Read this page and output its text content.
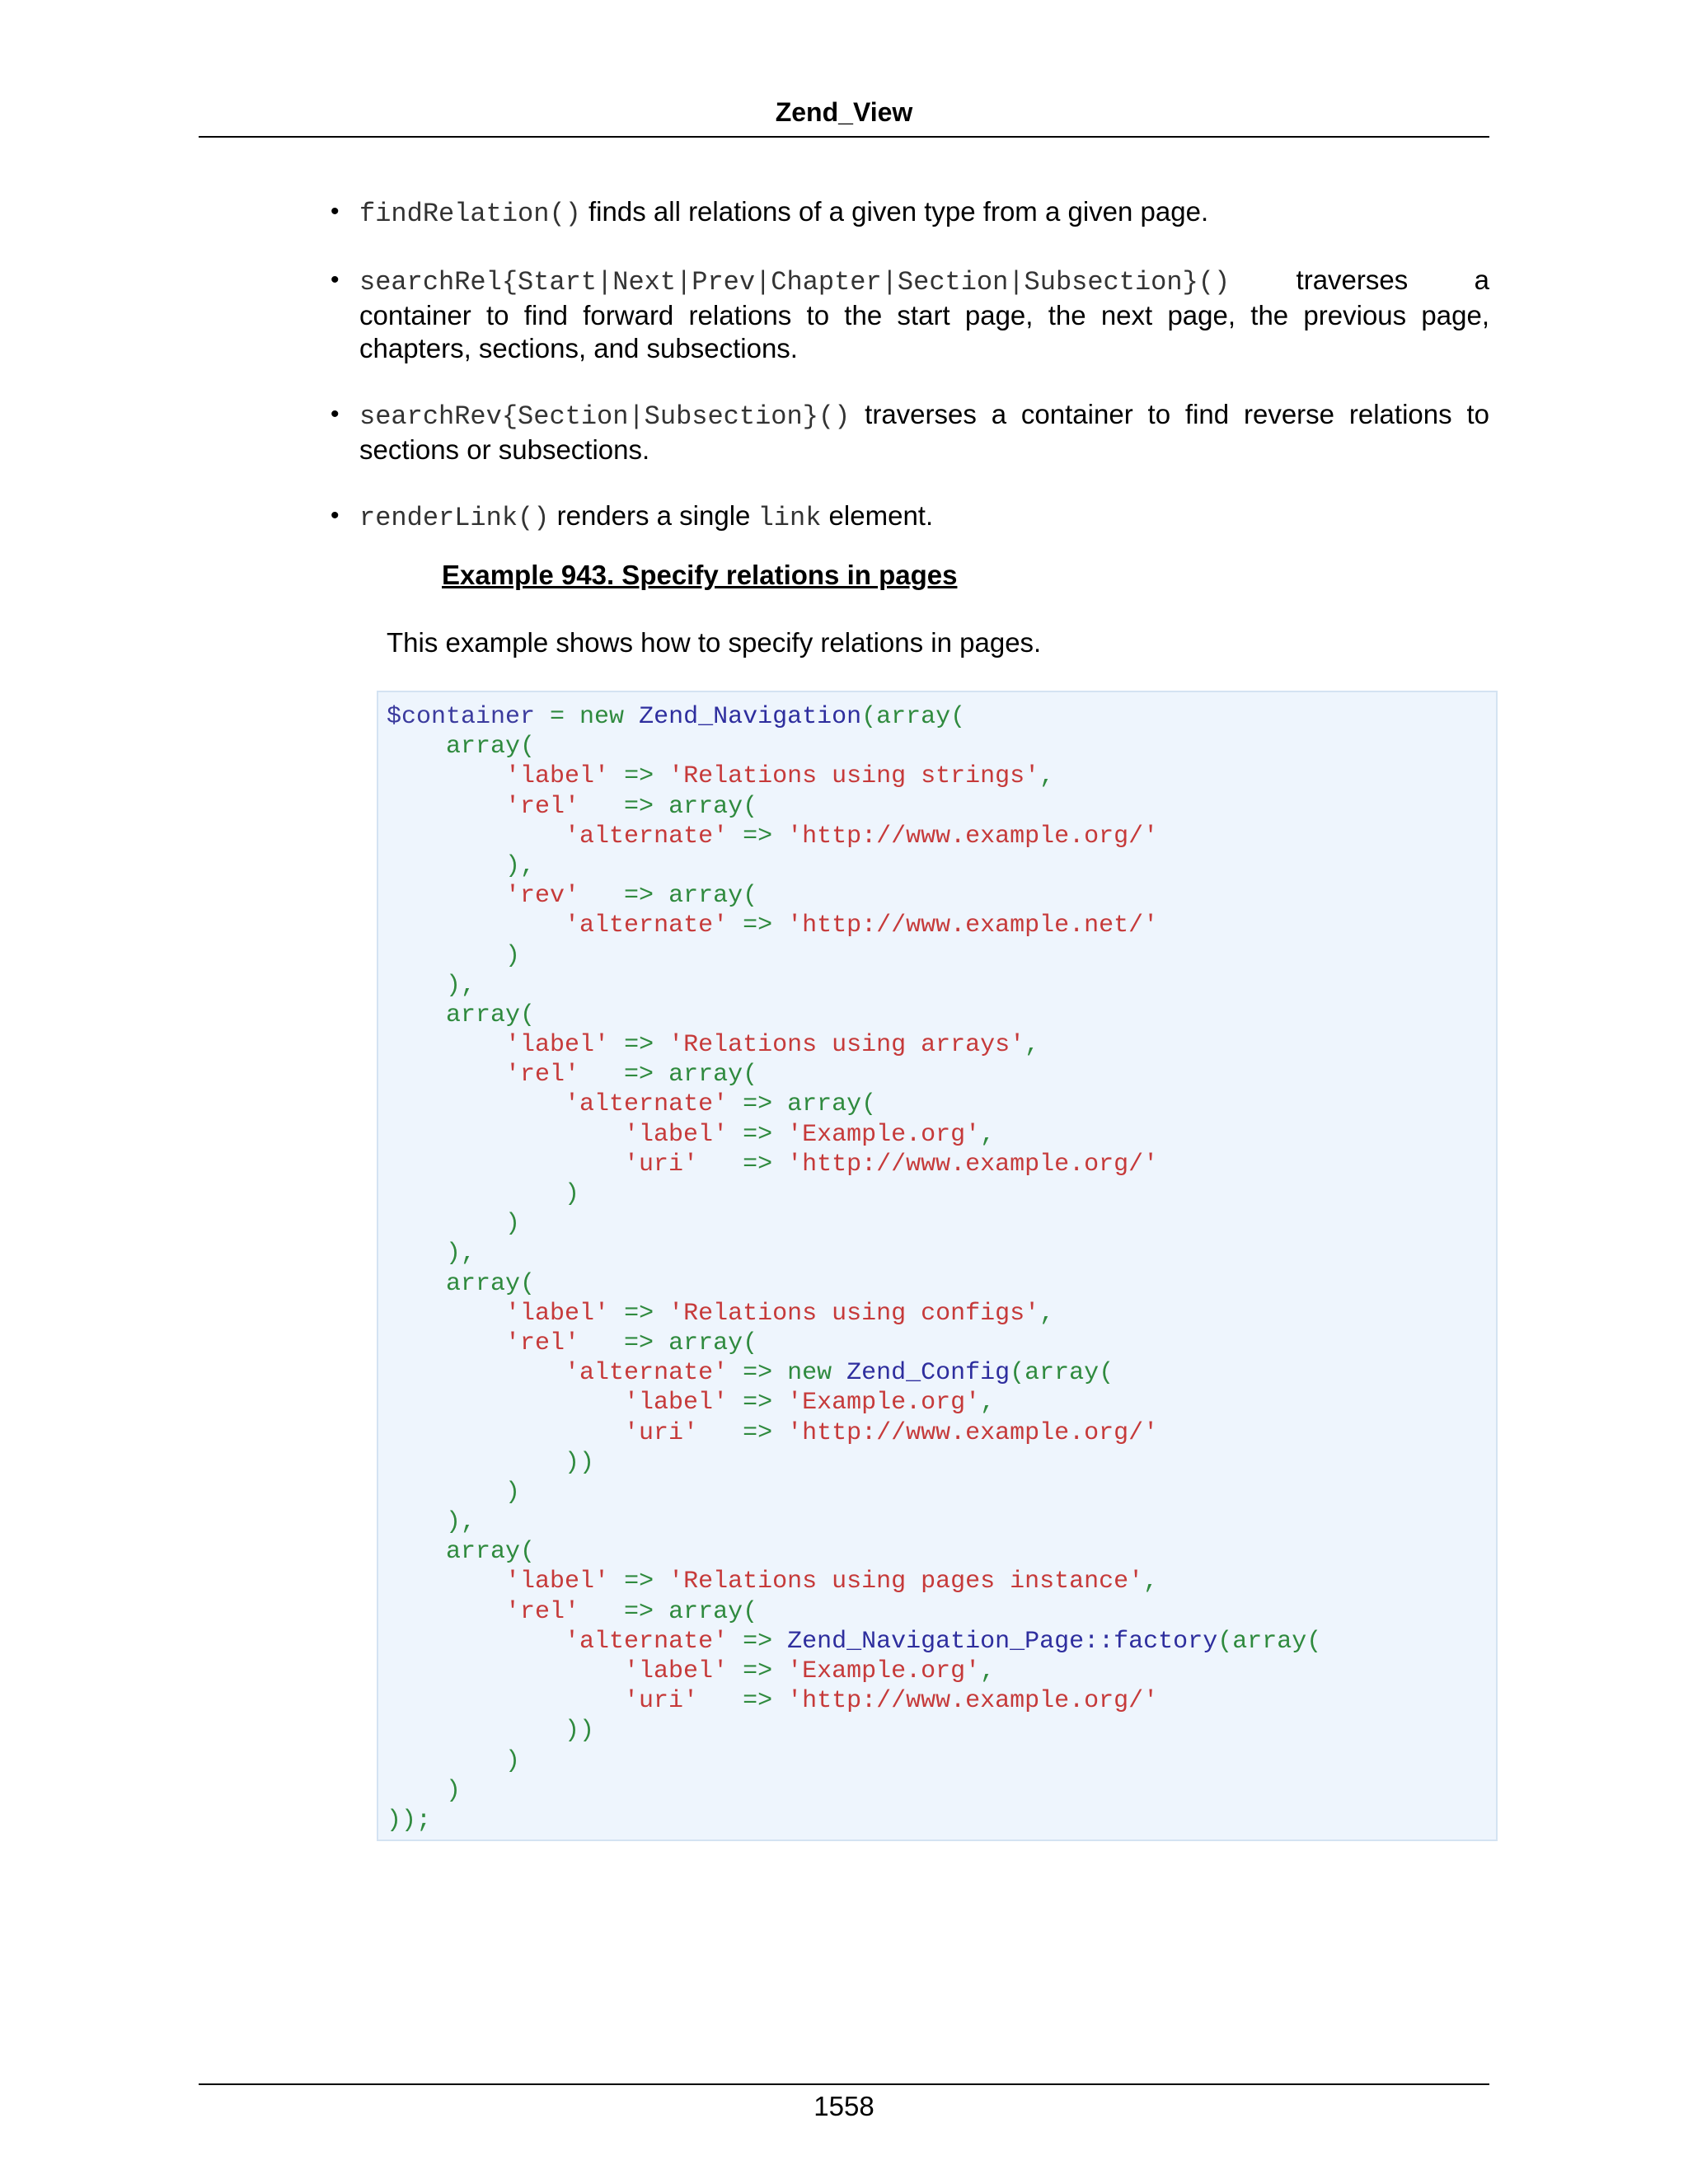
Zend_View
• findRelation() finds all relations of a given type from a given page.
• searchRel{Start|Next|Prev|Chapter|Section|Subsection}() traverses a
container to find forward relations to the start page, the next page, the previous page, chapters, sections, and subsections.
• searchRev{Section|Subsection}() traverses a container to find reverse relations to sections or subsections.
• renderLink() renders a single link element.
Example 943. Specify relations in pages
This example shows how to specify relations in pages.
$container = new Zend_Navigation(array(
array(
'label' => 'Relations using strings',
'rel'   => array(
'alternate' => 'http://www.example.org/'
),
'rev'   => array(
'alternate' => 'http://www.example.net/'
)
),
array(
'label' => 'Relations using arrays',
'rel'   => array(
'alternate' => array(
'label' => 'Example.org',
'uri'   => 'http://www.example.org/'
)
)
),
array(
'label' => 'Relations using configs',
'rel'   => array(
'alternate' => new Zend_Config(array(
'label' => 'Example.org',
'uri'   => 'http://www.example.org/'
))
)
),
array(
'label' => 'Relations using pages instance',
'rel'   => array(
'alternate' => Zend_Navigation_Page::factory(array(
'label' => 'Example.org',
'uri'   => 'http://www.example.org/'
))
)
)
));
1558
